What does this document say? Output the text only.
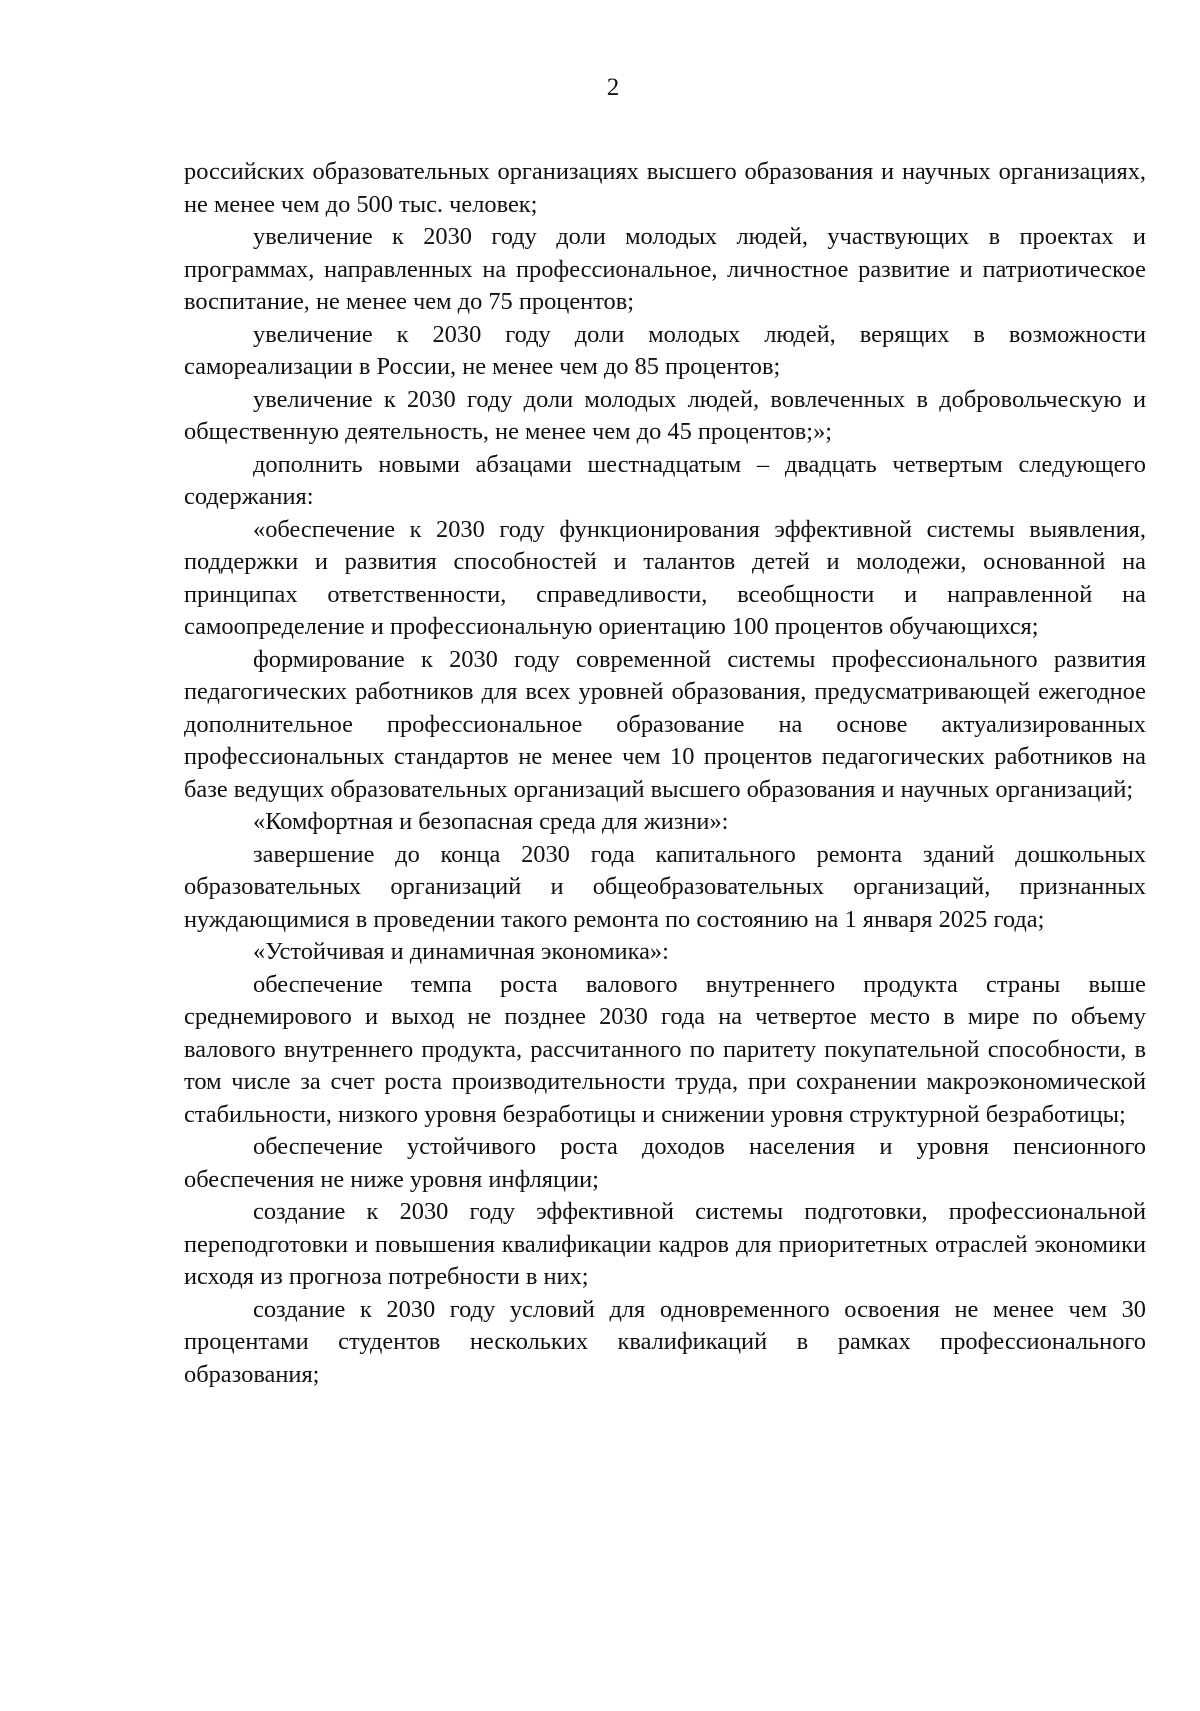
2

российских образовательных организациях высшего образования и научных организациях, не менее чем до 500 тыс. человек;

увеличение к 2030 году доли молодых людей, участвующих в проектах и программах, направленных на профессиональное, личностное развитие и патриотическое воспитание, не менее чем до 75 процентов;

увеличение к 2030 году доли молодых людей, верящих в возможности самореализации в России, не менее чем до 85 процентов;

увеличение к 2030 году доли молодых людей, вовлеченных в добровольческую и общественную деятельность, не менее чем до 45 процентов;»;

дополнить новыми абзацами шестнадцатым – двадцать четвертым следующего содержания:

«обеспечение к 2030 году функционирования эффективной системы выявления, поддержки и развития способностей и талантов детей и молодежи, основанной на принципах ответственности, справедливости, всеобщности и направленной на самоопределение и профессиональную ориентацию 100 процентов обучающихся;

формирование к 2030 году современной системы профессионального развития педагогических работников для всех уровней образования, предусматривающей ежегодное дополнительное профессиональное образование на основе актуализированных профессиональных стандартов не менее чем 10 процентов педагогических работников на базе ведущих образовательных организаций высшего образования и научных организаций;

«Комфортная и безопасная среда для жизни»:

завершение до конца 2030 года капитального ремонта зданий дошкольных образовательных организаций и общеобразовательных организаций, признанных нуждающимися в проведении такого ремонта по состоянию на 1 января 2025 года;

«Устойчивая и динамичная экономика»:

обеспечение темпа роста валового внутреннего продукта страны выше среднемирового и выход не позднее 2030 года на четвертое место в мире по объему валового внутреннего продукта, рассчитанного по паритету покупательной способности, в том числе за счет роста производительности труда, при сохранении макроэкономической стабильности, низкого уровня безработицы и снижении уровня структурной безработицы;

обеспечение устойчивого роста доходов населения и уровня пенсионного обеспечения не ниже уровня инфляции;

создание к 2030 году эффективной системы подготовки, профессиональной переподготовки и повышения квалификации кадров для приоритетных отраслей экономики исходя из прогноза потребности в них;

создание к 2030 году условий для одновременного освоения не менее чем 30 процентами студентов нескольких квалификаций в рамках профессионального образования;
